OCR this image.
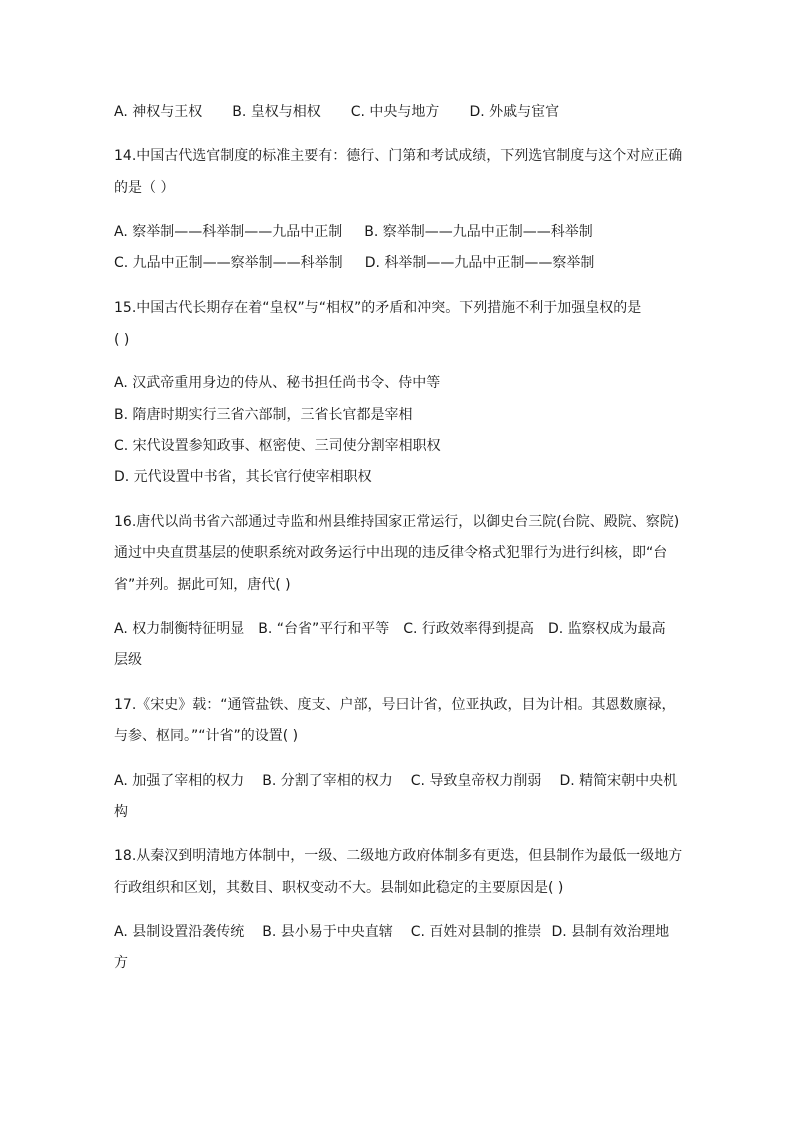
A. 神权与王权 B. 皇权与相权 C. 中央与地方 D. 外戚与宦官
14.中国古代选官制度的标准主要有：德行、门第和考试成绩，下列选官制度与这个对应正确
的是（ ）
A. 察举制——科举制——九品中正制 B. 察举制——九品中正制——科举制
C. 九品中正制——察举制——科举制 D. 科举制——九品中正制——察举制
15.中国古代长期存在着“皇权”与“相权”的矛盾和冲突。下列措施不利于加强皇权的是
( )
A. 汉武帝重用身边的侍从、秘书担任尚书令、侍中等
B. 隋唐时期实行三省六部制，三省长官都是宰相
C. 宋代设置参知政事、枢密使、三司使分割宰相职权
D. 元代设置中书省，其长官行使宰相职权
16.唐代以尚书省六部通过寺监和州县维持国家正常运行，以御史台三院(台院、殿院、察院)
通过中央直贯基层的使职系统对政务运行中出现的违反律令格式犯罪行为进行纠核，即“台
省”并列。据此可知，唐代( )
A. 权力制衡特征明显 B. “台省”平行和平等 C. 行政效率得到提高 D. 监察权成为最高
层级
17.《宋史》载：“通管盐铁、度支、户部，号曰计省，位亚执政，目为计相。其恩数廪禄，
与参、枢同。”“计省”的设置( )
A. 加强了宰相的权力 B. 分割了宰相的权力 C. 导致皇帝权力削弱 D. 精简宋朝中央机
构
18.从秦汉到明清地方体制中，一级、二级地方政府体制多有更迭，但县制作为最低一级地方
行政组织和区划，其数目、职权变动不大。县制如此稳定的主要原因是( )
A. 县制设置沿袭传统 B. 县小易于中央直辖 C. 百姓对县制的推崇 D. 县制有效治理地
方
